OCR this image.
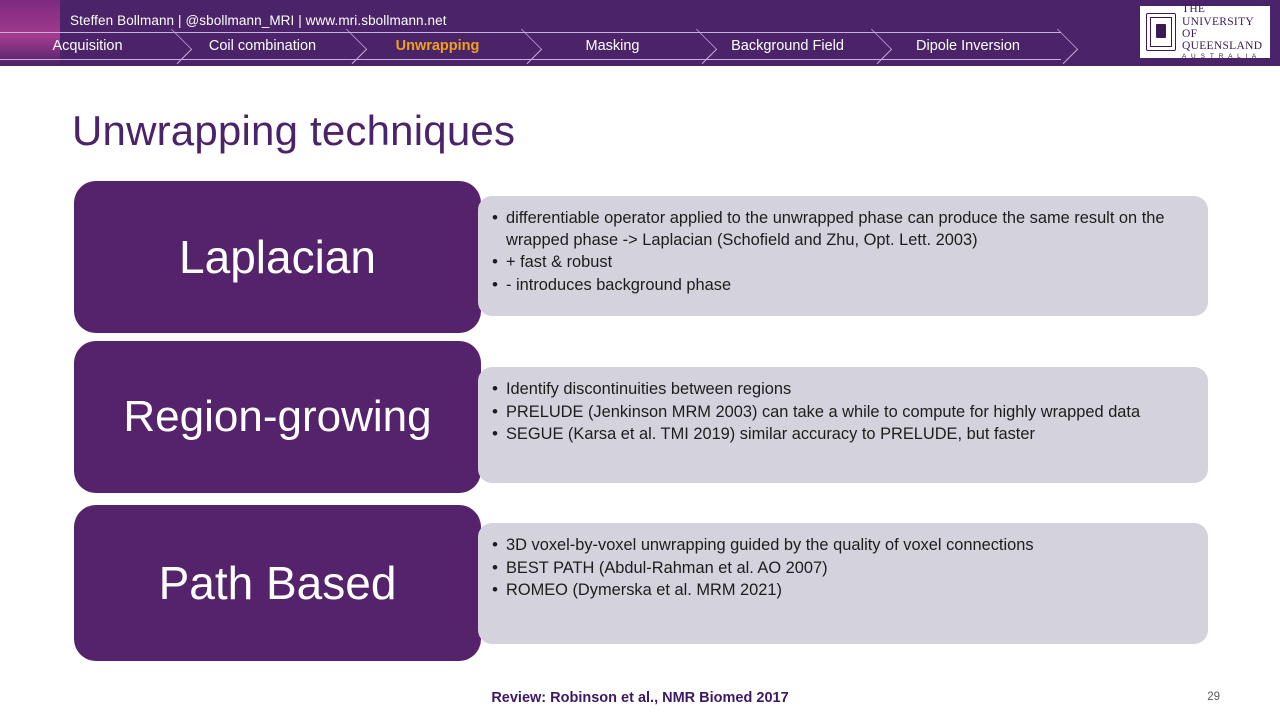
Steffen Bollmann | @sbollmann_MRI | www.mri.sbollmann.net
Acquisition	Coil combination	Unwrapping	Masking	Background Field	Dipole Inversion
THE UNIVERSITY
OF QUEENSLAND
A U S T R A L I A
Unwrapping techniques
Laplacian
• differentiable operator applied to the unwrapped phase can produce the same result on the wrapped phase -> Laplacian (Schofield and Zhu, Opt. Lett. 2003)
• + fast & robust
• - introduces background phase
Region-growing
• Identify discontinuities between regions
• PRELUDE (Jenkinson MRM 2003) can take a while to compute for highly wrapped data
• SEGUE (Karsa et al. TMI 2019) similar accuracy to PRELUDE, but faster
Path Based
• 3D voxel-by-voxel unwrapping guided by the quality of voxel connections
• BEST PATH (Abdul-Rahman et al. AO 2007)
• ROMEO (Dymerska et al. MRM 2021)
Review: Robinson et al., NMR Biomed 2017	29
